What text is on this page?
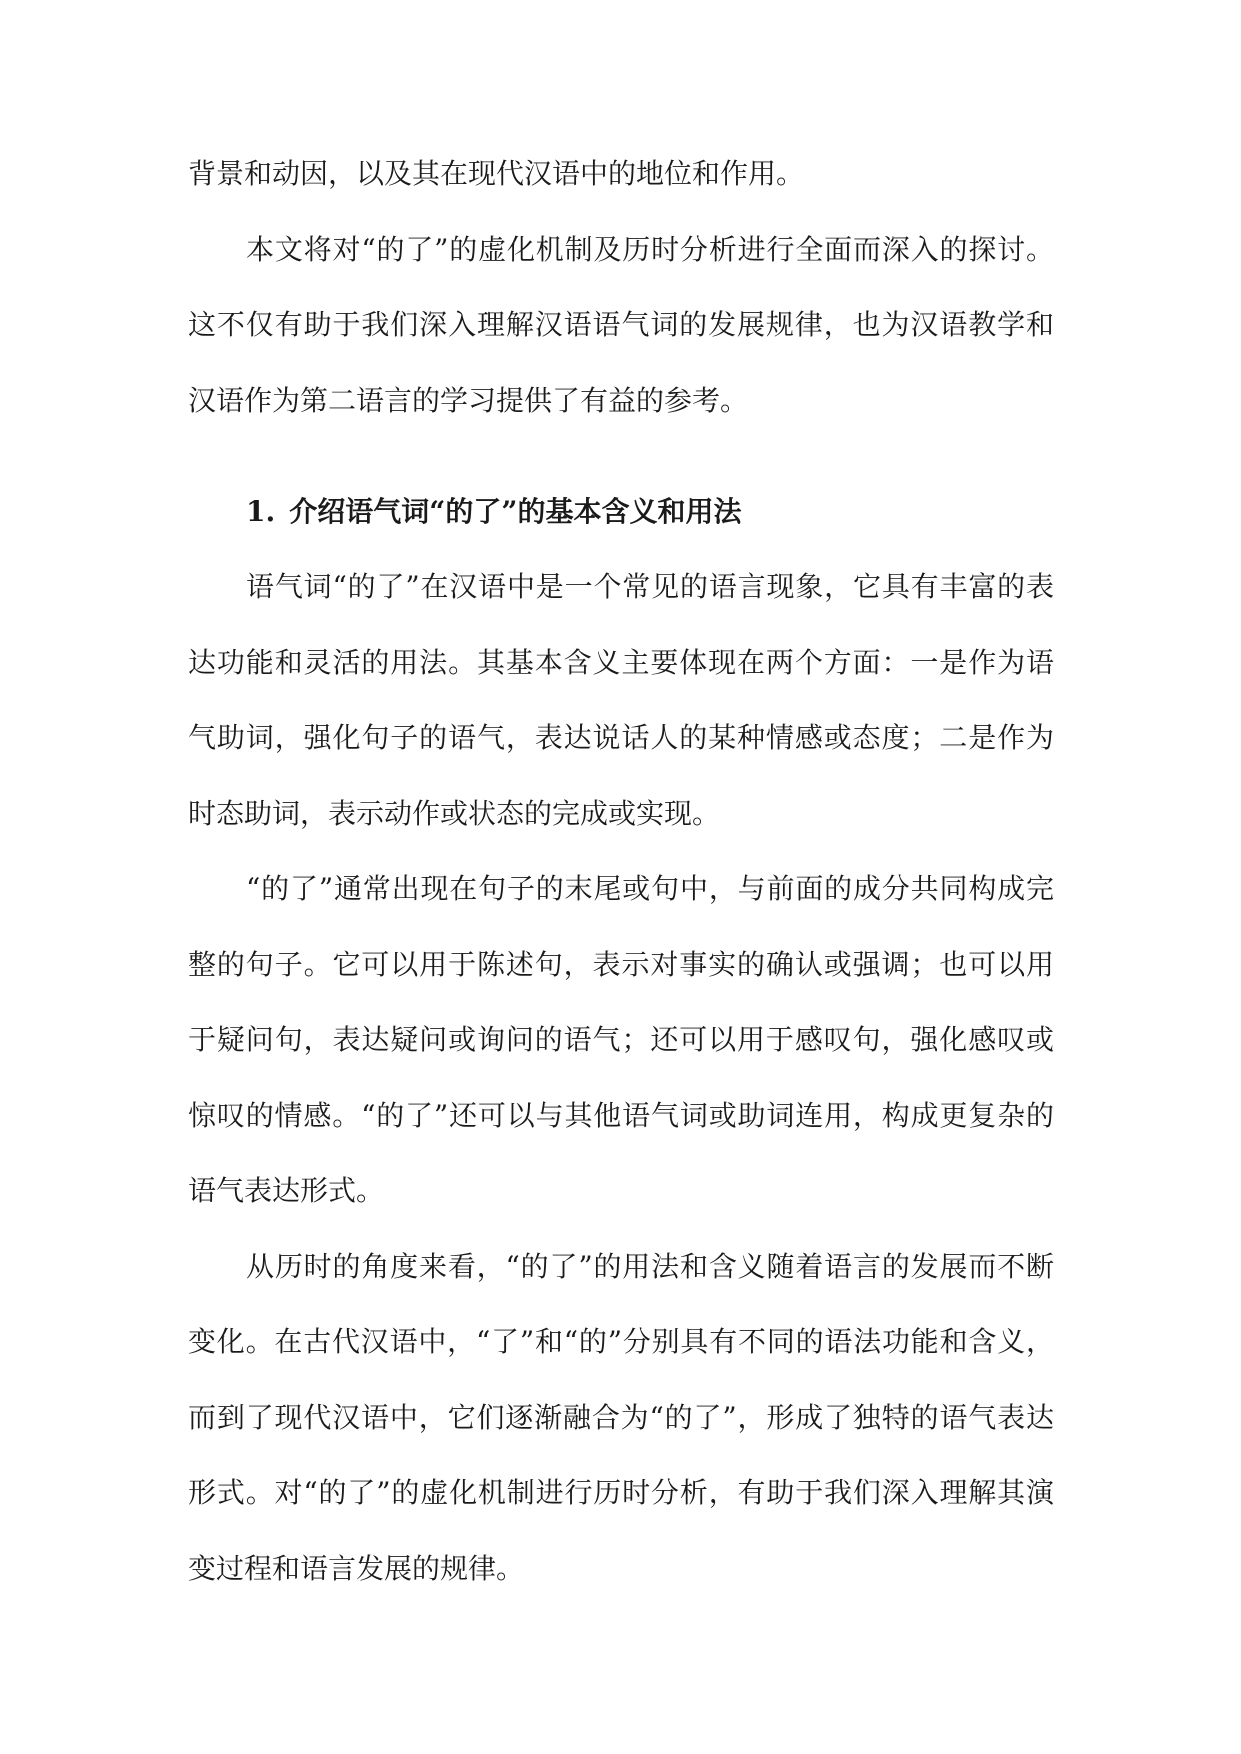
背景和动因，以及其在现代汉语中的地位和作用。

本文将对“的了”的虚化机制及历时分析进行全面而深入的探讨。这不仅有助于我们深入理解汉语语气词的发展规律，也为汉语教学和汉语作为第二语言的学习提供了有益的参考。

1. 介绍语气词“的了”的基本含义和用法

语气词“的了”在汉语中是一个常见的语言现象，它具有丰富的表达功能和灵活的用法。其基本含义主要体现在两个方面：一是作为语气助词，强化句子的语气，表达说话人的某种情感或态度；二是作为时态助词，表示动作或状态的完成或实现。

“的了”通常出现在句子的末尾或句中，与前面的成分共同构成完整的句子。它可以用于陈述句，表示对事实的确认或强调；也可以用于疑问句，表达疑问或询问的语气；还可以用于感叹句，强化感叹或惊叹的情感。“的了”还可以与其他语气词或助词连用，构成更复杂的语气表达形式。

从历时的角度来看，“的了”的用法和含义随着语言的发展而不断变化。在古代汉语中，“了”和“的”分别具有不同的语法功能和含义，而到了现代汉语中，它们逐渐融合为“的了”，形成了独特的语气表达形式。对“的了”的虚化机制进行历时分析，有助于我们深入理解其演变过程和语言发展的规律。
